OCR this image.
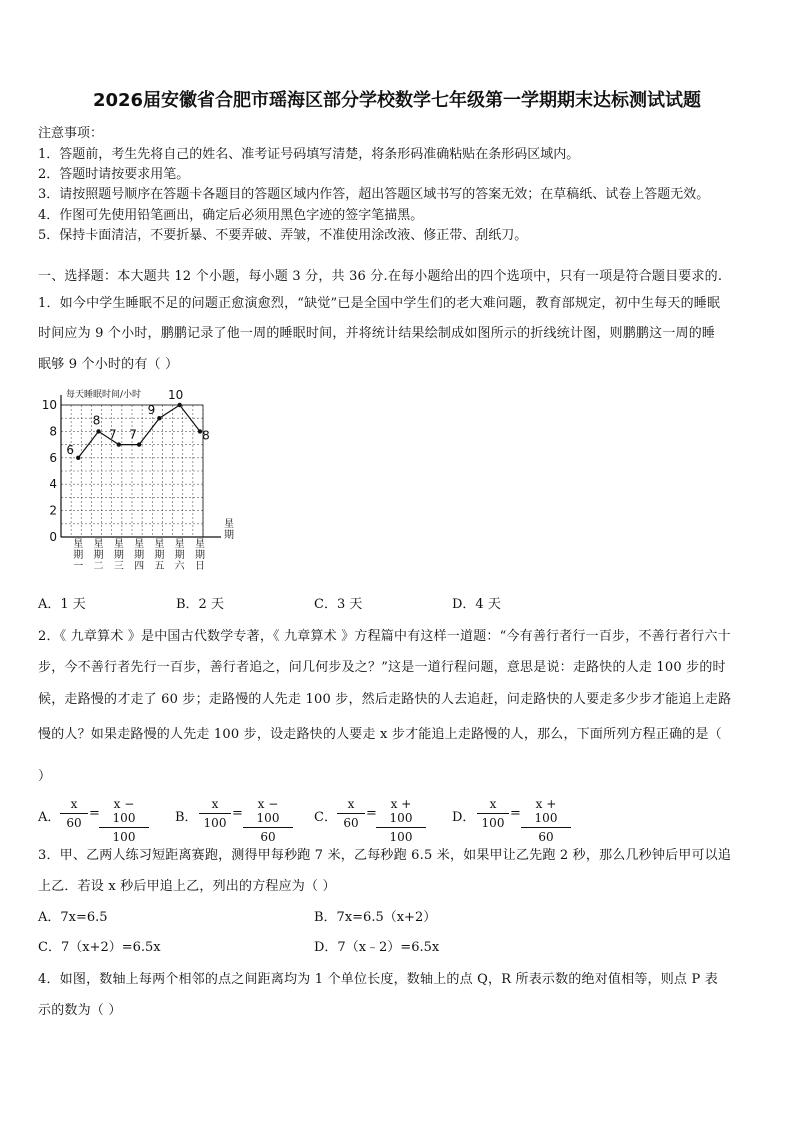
2026届安徽省合肥市瑶海区部分学校数学七年级第一学期期末达标测试试题
注意事项：
1．答题前，考生先将自己的姓名、准考证号码填写清楚，将条形码准确粘贴在条形码区域内。
2．答题时请按要求用笔。
3．请按照题号顺序在答题卡各题目的答题区域内作答，超出答题区域书写的答案无效；在草稿纸、试卷上答题无效。
4．作图可先使用铅笔画出，确定后必须用黑色字迹的签字笔描黑。
5．保持卡面清洁，不要折暴、不要弄破、弄皱，不准使用涂改液、修正带、刮纸刀。
一、选择题：本大题共 12 个小题，每小题 3 分，共 36 分.在每小题给出的四个选项中，只有一项是符合题目要求的.
1．如今中学生睡眠不足的问题正愈演愈烈，“缺觉”已是全国中学生们的老大难问题，教育部规定，初中生每天的睡眠
时间应为 9 个小时，鹏鹏记录了他一周的睡眠时间，并将统计结果绘制成如图所示的折线统计图，则鹏鹏这一周的睡
眠够 9 个小时的有（ ）
每天睡眠时间/小时
0
2
4
6
8
10
星期一
星期二
星期三
星期四
星期五
星期六
星期日
6
8
7 7
9
10
8
星期
A．1 天	B．2 天	C．3 天	D．4 天
2．《 九章算术 》是中国古代数学专著，《 九章算术 》方程篇中有这样一道题：“今有善行者行一百步，不善行者行六十
步，今不善行者先行一百步，善行者追之，问几何步及之？”这是一道行程问题，意思是说：走路快的人走 100 步的时
候，走路慢的才走了 60 步；走路慢的人先走 100 步，然后走路快的人去追赶，问走路快的人要走多少步才能追上走路
慢的人？如果走路慢的人先走 100 步，设走路快的人要走 x 步才能追上走路慢的人，那么，下面所列方程正确的是（
）
A．
x
60
=
x − 100
100
B．
x
100
=
x − 100
60
C．
x
60
=
x + 100
100
D．
x
100
=
x + 100
60
3．甲、乙两人练习短距离赛跑，测得甲每秒跑 7 米，乙每秒跑 6.5 米，如果甲让乙先跑 2 秒，那么几秒钟后甲可以追
上乙．若设 x 秒后甲追上乙，列出的方程应为（ ）
A．7x=6.5	B．7x=6.5（x+2）
C．7（x+2）=6.5x	D．7（x﹣2）=6.5x
4．如图，数轴上每两个相邻的点之间距离均为 1 个单位长度，数轴上的点 Q，R 所表示数的绝对值相等，则点 P 表
示的数为（ ）
